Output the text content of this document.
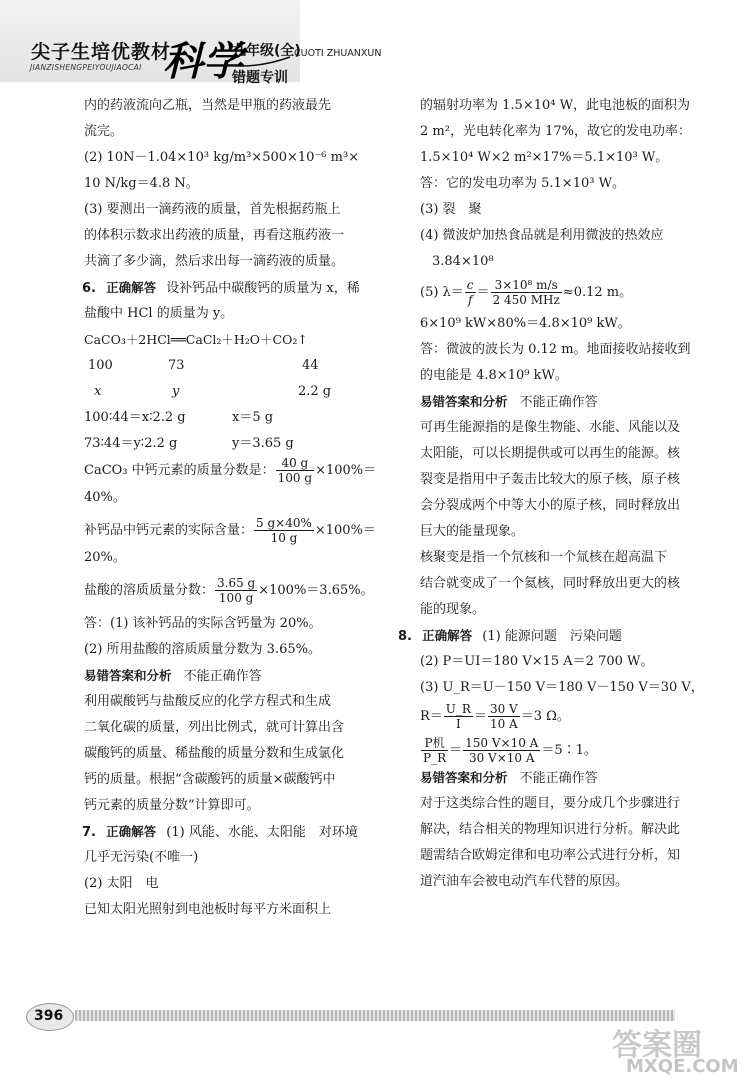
尖子生培优教材
JIANZISHENGPEIYOUJIAOCAI 科学
九年级(全)
CUOTI ZHUANXUN
错题专训
内的药液流向乙瓶，当然是甲瓶的药液最先
流完。
(2) 10N－1.04×10³ kg/m³×500×10⁻⁶ m³×
10 N/kg＝4.8 N。
(3) 要测出一滴药液的质量，首先根据药瓶上
的体积示数求出药液的质量，再看这瓶药液一
共滴了多少滴，然后求出每一滴药液的质量。
6. 正确解答 设补钙品中碳酸钙的质量为 x，稀
盐酸中 HCl 的质量为 y。
CaCO₃＋2HCl══CaCl₂＋H₂O＋CO₂↑
100	73	44
x	y	2.2 g
100∶44＝x∶2.2 g	x＝5 g
73∶44＝y∶2.2 g	y＝3.65 g
CaCO₃ 中钙元素的质量分数是： $\frac{40 g}{100 g} \times 100\%=$
40%。
补钙品中钙元素的实际含量： $\frac{5 g\times 40\%}{10 g} \times 100\%=$
20%。
盐酸的溶质质量分数： $\frac{3.65 g}{100 g} \times 100\%=3.65\%$。
答：(1) 该补钙品的实际含钙量为 20%。
(2) 所用盐酸的溶质质量分数为 3.65%。
易错答案和分析 不能正确作答
利用碳酸钙与盐酸反应的化学方程式和生成
二氧化碳的质量，列出比例式，就可计算出含
碳酸钙的质量、稀盐酸的质量分数和生成氯化
钙的质量。根据“含碳酸钙的质量×碳酸钙中
钙元素的质量分数”计算即可。
7. 正确解答 (1) 风能、水能、太阳能　对环境
几乎无污染(不唯一)
(2) 太阳　电
已知太阳光照射到电池板时每平方米面积上
的辐射功率为 1.5×10⁴ W，此电池板的面积为
2 m²，光电转化率为 17%，故它的发电功率：
1.5×10⁴ W×2 m²×17%＝5.1×10³ W。
答：它的发电功率为 5.1×10³ W。
(3) 裂　聚
(4) 微波炉加热食品就是利用微波的热效应
3.84×10⁸
(5) $\lambda= \frac{c}{f} = \frac{\text{3×10⁸ m/s}}{\text{2 450 MHz}} \approx 0.12$ m。
6×10⁹ kW×80%＝4.8×10⁹ kW。
答：微波的波长为 0.12 m。地面接收站接收到
的电能是 4.8×10⁹ kW。
易错答案和分析 不能正确作答
可再生能源指的是像生物能、水能、风能以及
太阳能，可以长期提供或可以再生的能源。核
裂变是指用中子轰击比较大的原子核，原子核
会分裂成两个中等大小的原子核，同时释放出
巨大的能量现象。
核聚变是指一个氘核和一个氚核在超高温下
结合就变成了一个氦核，同时释放出更大的核
能的现象。
8. 正确解答 (1) 能源问题　污染问题
(2) P＝UI＝180 V×15 A＝2 700 W。
(3) U_R＝U－150 V＝180 V－150 V＝30 V，
$R= \frac{U\_R}{I} = \frac{30 V}{10 A} =3$ Ω。
$\frac{\text{P机}}{P\_R} = \frac{150 V\times 10 A}{30 V\times 10 A}$ ＝5∶1。
易错答案和分析 不能正确作答
对于这类综合性的题目，要分成几个步骤进行
解决，结合相关的物理知识进行分析。解决此
题需结合欧姆定律和电功率公式进行分析，知
道汽油车会被电动汽车代替的原因。
396
答案圈
MXQE.COM
